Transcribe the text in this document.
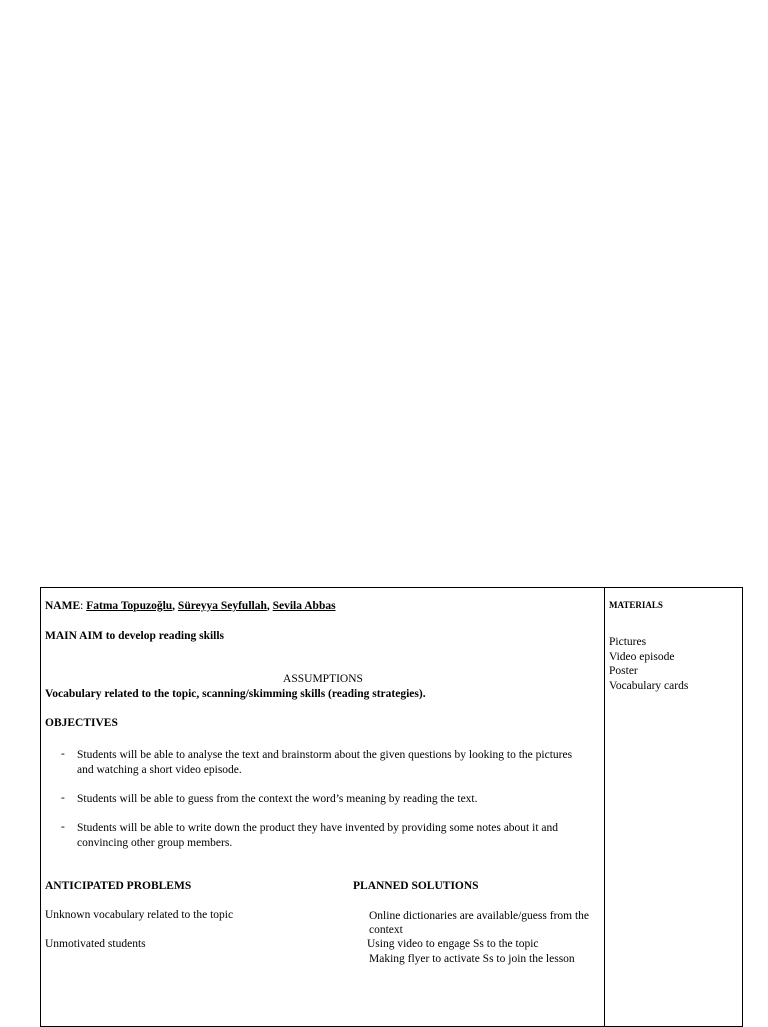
NAME: Fatma Topuzoğlu, Süreyya Seyfullah, Sevila Abbas
MAIN AIM to develop reading skills
ASSUMPTIONS
Vocabulary related to the topic, scanning/skimming skills (reading strategies).
OBJECTIVES
- Students will be able to analyse the text and brainstorm about the given questions by looking to the pictures and watching a short video episode.
- Students will be able to guess from the context the word’s meaning by reading the text.
- Students will be able to write down the product they have invented by providing some notes about it and convincing other group members.
ANTICIPATED PROBLEMS	PLANNED SOLUTIONS
Unknown vocabulary related to the topic
Unmotivated students
Online dictionaries are available/guess from the context
Using video to engage Ss to the topic
Making flyer to activate Ss to join the lesson
MATERIALS
Pictures
Video episode
Poster
Vocabulary cards
